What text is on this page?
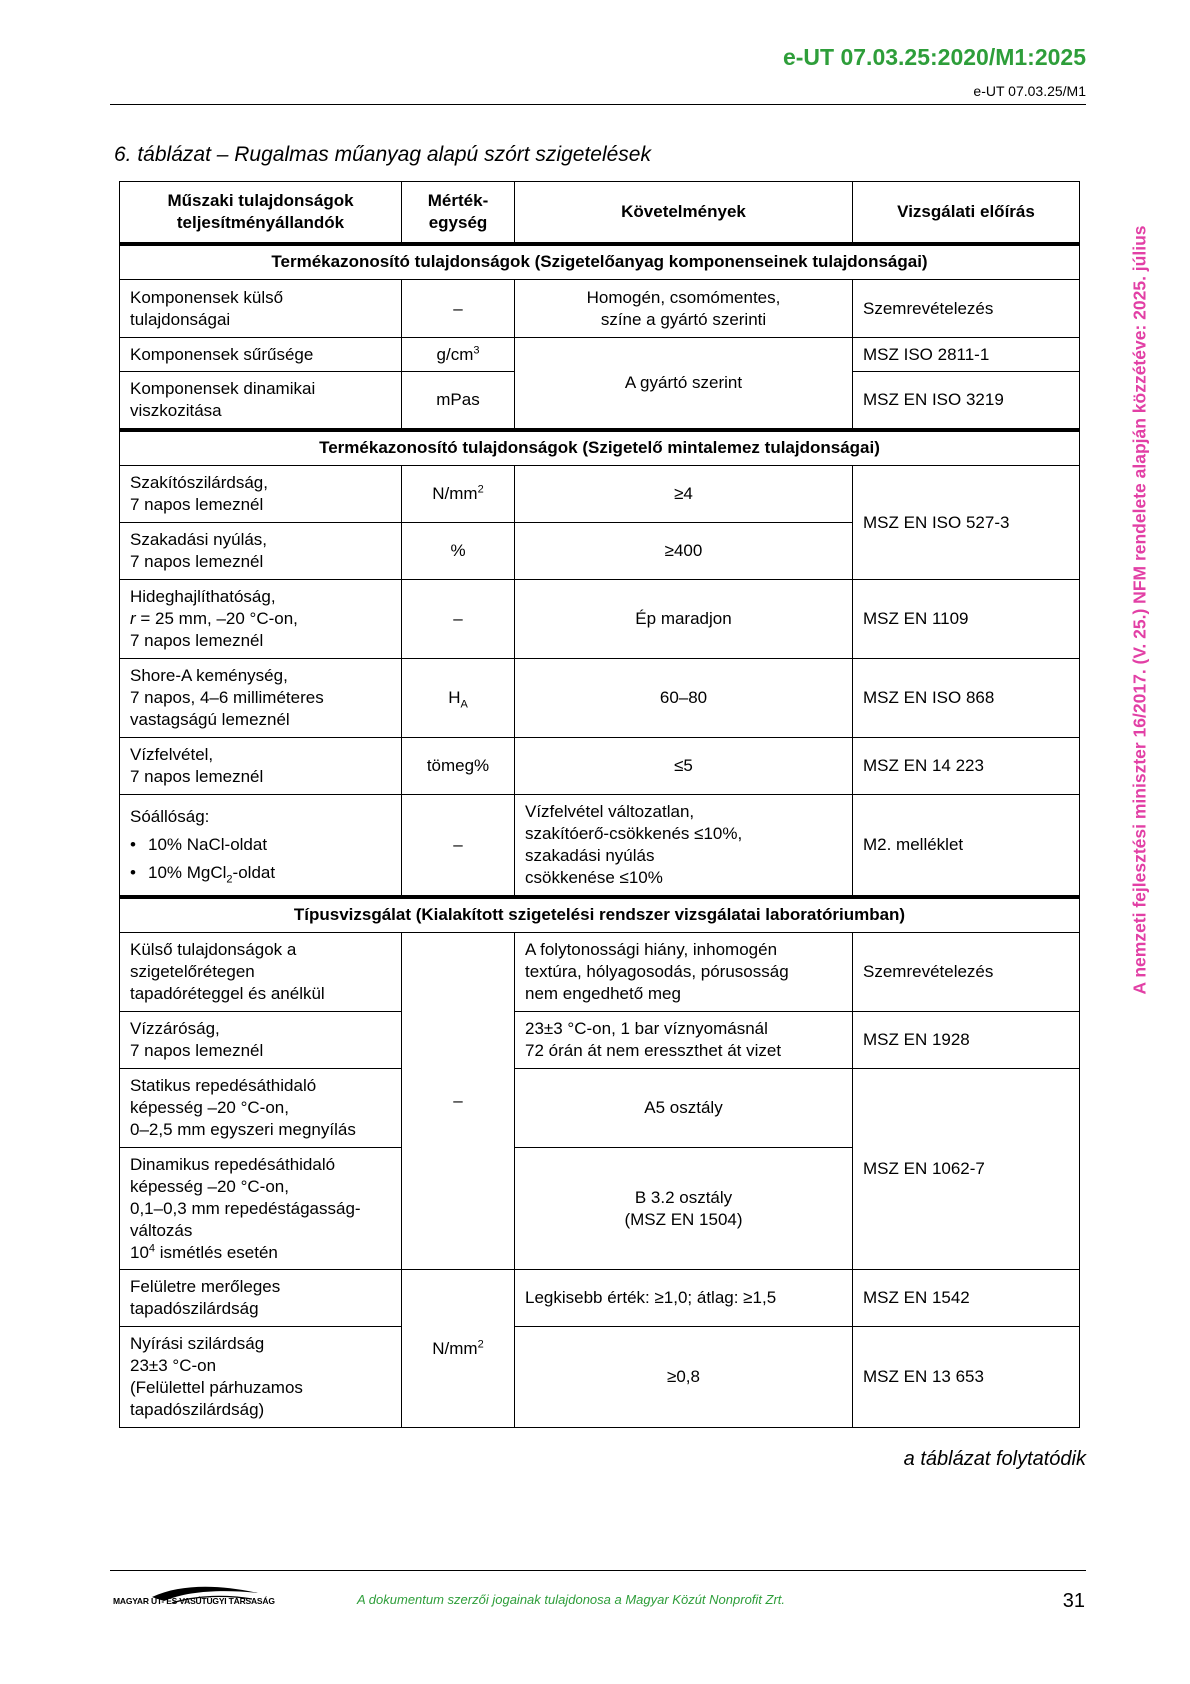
e-UT 07.03.25:2020/M1:2025
e-UT 07.03.25/M1
6. táblázat – Rugalmas műanyag alapú szórt szigetelések
A nemzeti fejlesztési miniszter 16/2017. (V. 25.) NFM rendelete alapján közzétéve: 2025. július
Műszaki tulajdonságok
teljesítményállandók	Mérték-
egység	Követelmények	Vizsgálati előírás
Termékazonosító tulajdonságok (Szigetelőanyag komponenseinek tulajdonságai)			
Komponensek külső
tulajdonságai	–	Homogén, csomómentes,
színe a gyártó szerinti	Szemrevételezés
Komponensek sűrűsége	$g/cm^3$	A gyártó szerint	MSZ ISO 2811-1
Komponensek dinamikai
viszkozitása	mPas		MSZ EN ISO 3219
Termékazonosító tulajdonságok (Szigetelő mintalemez tulajdonságai)			
Szakítószilárdság,
7 napos lemeznél	$N/mm^2$	≥4	MSZ EN ISO 527-3
Szakadási nyúlás,
7 napos lemeznél	%	≥400	
Hideghajlíthatóság,
r = 25 mm, –20 °C-on,
7 napos lemeznél	–	Ép maradjon	MSZ EN 1109
Shore-A keménység,
7 napos, 4–6 milliméteres
vastagságú lemeznél	$H_A$	60–80	MSZ EN ISO 868
Vízfelvétel,
7 napos lemeznél	tömeg%	≤5	MSZ EN 14 223
Sóállóság:
• 10% NaCl-oldat
• 10% MgCl$_2$-oldat	–	Vízfelvétel változatlan,
szakítóerő-csökkenés ≤10%,
szakadási nyúlás
csökkenése ≤10%	M2. melléklet
Típusvizsgálat (Kialakított szigetelési rendszer vizsgálatai laboratóriumban)			
Külső tulajdonságok a
szigetelőrétegen
tapadóréteggel és anélkül	–	A folytonossági hiány, inhomogén
textúra, hólyagosodás, pórusosság
nem engedhető meg	Szemrevételezés
Vízzáróság,
7 napos lemeznél		23±3 °C-on, 1 bar víznyomásnál
72 órán át nem eresszthet át vizet	MSZ EN 1928
Statikus repedésáthidaló
képesség –20 °C-on,
0–2,5 mm egyszeri megnyílás		A5 osztály	MSZ EN 1062-7
Dinamikus repedésáthidaló
képesség –20 °C-on,
0,1–0,3 mm repedéstágasság-
változás
$10^4$ ismétlés esetén		B 3.2 osztály
(MSZ EN 1504)	
Felületre merőleges
tapadószilárdság	$N/mm^2$	Legkisebb érték: ≥1,0; átlag: ≥1,5	MSZ EN 1542
Nyírási szilárdság
23±3 °C-on
(Felülettel párhuzamos
tapadószilárdság)		≥0,8	MSZ EN 13 653
a táblázat folytatódik
MAGYAR ÚT- ÉS VASÚTÜGYI TÁRSASÁG	A dokumentum szerzői jogainak tulajdonosa a Magyar Közút Nonprofit Zrt.	31
